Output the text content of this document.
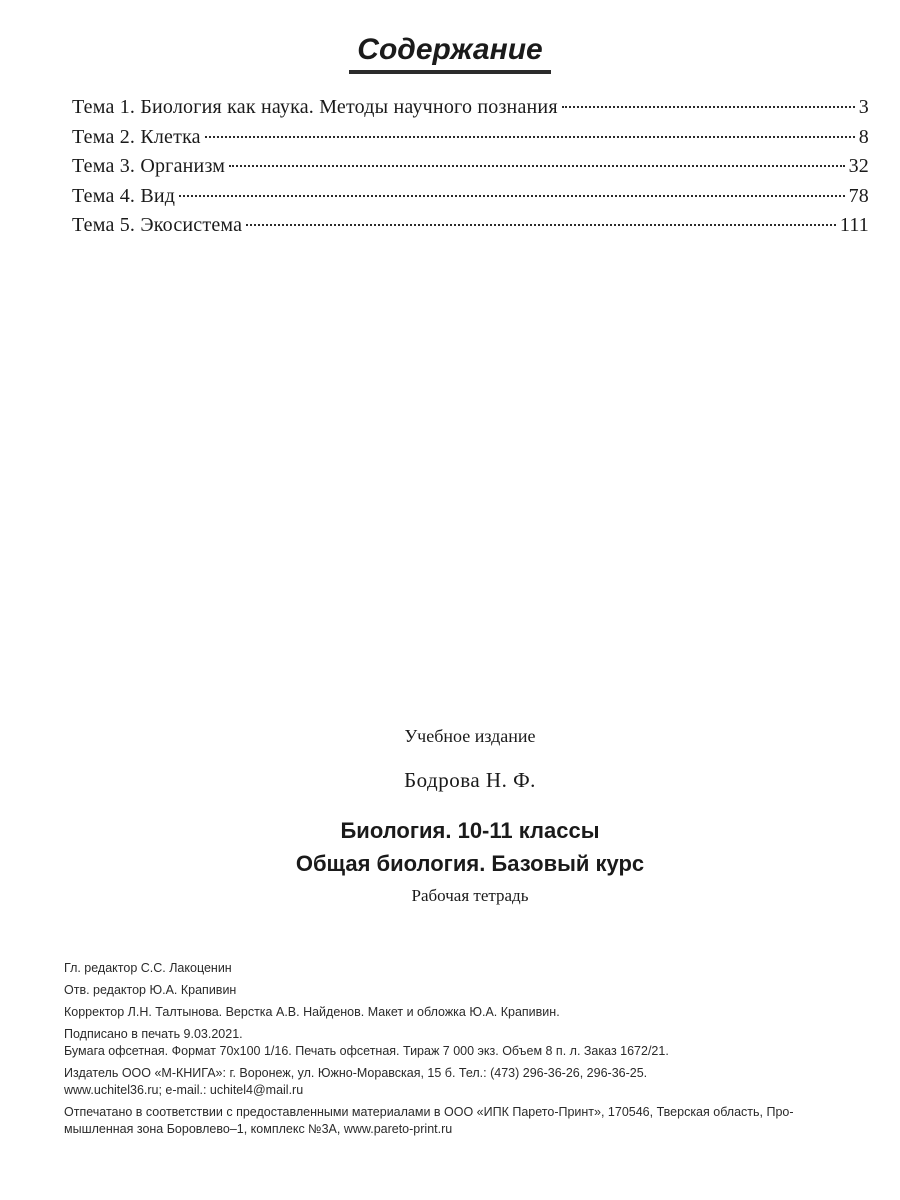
Содержание
Тема 1. Биология как наука. Методы научного познания	3
Тема 2. Клетка	8
Тема 3. Организм	32
Тема 4. Вид	78
Тема 5. Экосистема	111
Учебное издание
Бодрова Н. Ф.
Биология. 10-11 классы
Общая биология. Базовый курс
Рабочая тетрадь
Гл. редактор С.С. Лакоценин
Отв. редактор Ю.А. Крапивин
Корректор Л.Н. Талтынова. Верстка А.В. Найденов. Макет и обложка Ю.А. Крапивин.
Подписано в печать 9.03.2021.
Бумага офсетная. Формат 70x100 1/16. Печать офсетная. Тираж 7 000 экз. Объем 8 п. л. Заказ 1672/21.
Издатель ООО «М-КНИГА»: г. Воронеж, ул. Южно-Моравская, 15 б. Тел.: (473) 296-36-26, 296-36-25.
www.uchitel36.ru; e-mail.: uchitel4@mail.ru
Отпечатано в соответствии с предоставленными материалами в ООО «ИПК Парето-Принт», 170546, Тверская область, Про-
мышленная зона Боровлево–1, комплекс №3А, www.pareto-print.ru
